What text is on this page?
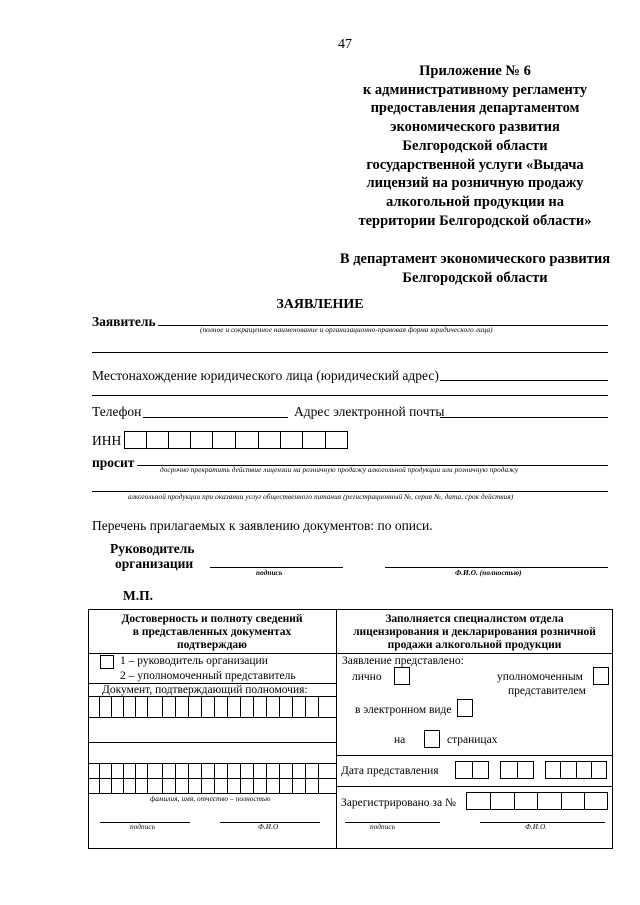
47
Приложение № 6
к административному регламенту
предоставления департаментом
экономического развития
Белгородской области
государственной услуги «Выдача
лицензий на розничную продажу
алкогольной продукции на
территории Белгородской области»
В департамент экономического развития
Белгородской области
ЗАЯВЛЕНИЕ
Заявитель
(полное и сокращенное наименование и организационно-правовая форма юридического лица)
Местонахождение юридического лица (юридический адрес)
Телефон	Адрес электронной почты
ИНН
просит	досрочно прекратить действие лицензии на розничную продажу алкогольной продукции или розничную продажу
алкогольной продукции при оказании услуг общественного питания (регистрационный №, серия №, дата, срок действия)
Перечень прилагаемых к заявлению документов: по описи.
Руководитель
организации
подпись	Ф.И.О. (полностью)
М.П.
Достоверность и полноту сведений
в представленных документах
подтверждаю
Заполняется специалистом отдела
лицензирования и декларирования розничной
продажи алкогольной продукции
1 – руководитель организации
2 – уполномоченный представитель
Документ, подтверждающий полномочия:
фамилия, имя, отчество – полностью
подпись	Ф.И.О
Заявление представлено:
лично	уполномоченным
представителем
в электронном виде
на	страницах
Дата представления
Зарегистрировано за №
подпись	Ф.И.О.
